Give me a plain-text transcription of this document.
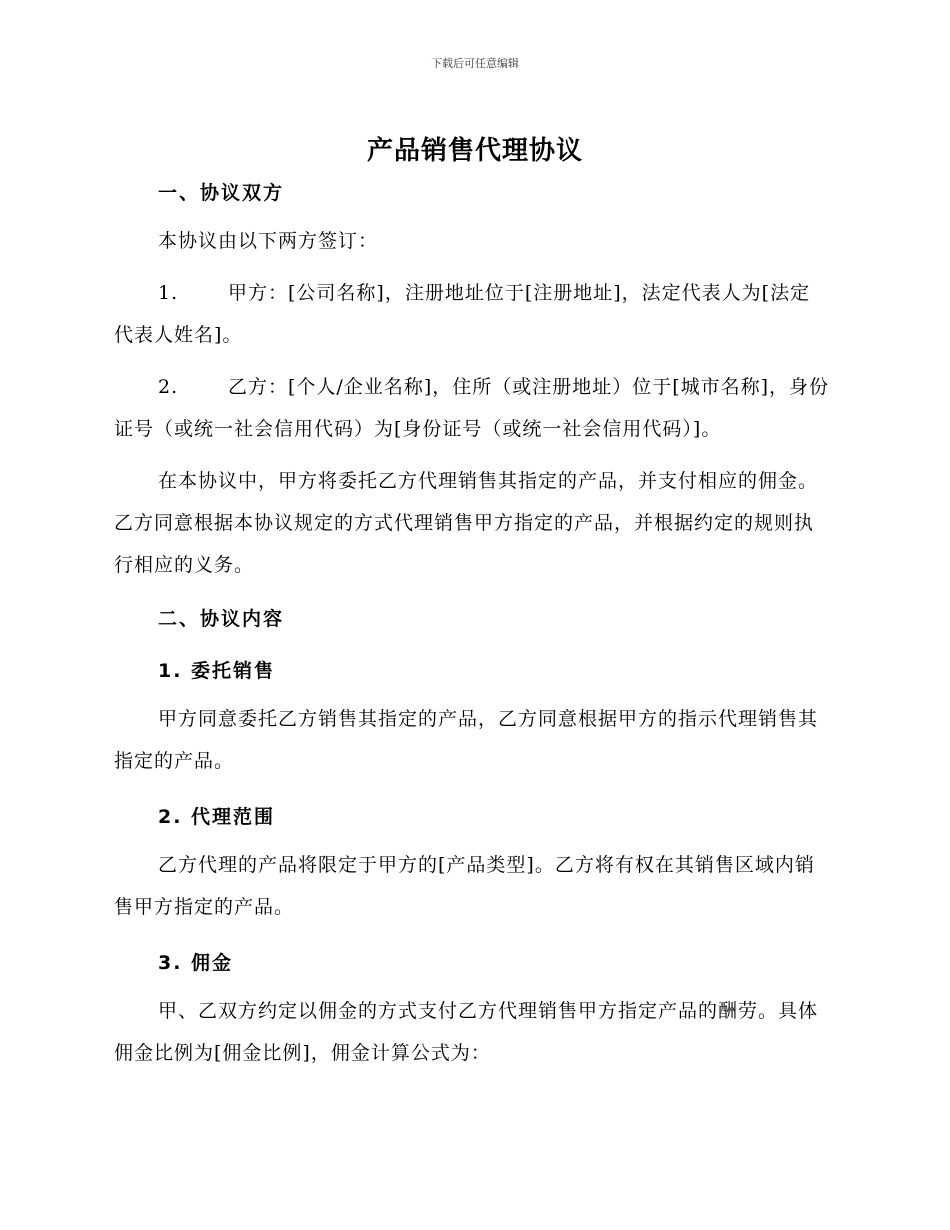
下载后可任意编辑
产品销售代理协议
一、协议双方
本协议由以下两方签订：
1.	甲方：[公司名称]，注册地址位于[注册地址]，法定代表人为[法定代表人姓名]。
2.	乙方：[个人/企业名称]，住所（或注册地址）位于[城市名称]，身份证号（或统一社会信用代码）为[身份证号（或统一社会信用代码）]。
在本协议中，甲方将委托乙方代理销售其指定的产品，并支付相应的佣金。乙方同意根据本协议规定的方式代理销售甲方指定的产品，并根据约定的规则执行相应的义务。
二、协议内容
1. 委托销售
甲方同意委托乙方销售其指定的产品，乙方同意根据甲方的指示代理销售其指定的产品。
2. 代理范围
乙方代理的产品将限定于甲方的[产品类型]。乙方将有权在其销售区域内销售甲方指定的产品。
3. 佣金
甲、乙双方约定以佣金的方式支付乙方代理销售甲方指定产品的酬劳。具体佣金比例为[佣金比例]，佣金计算公式为：
